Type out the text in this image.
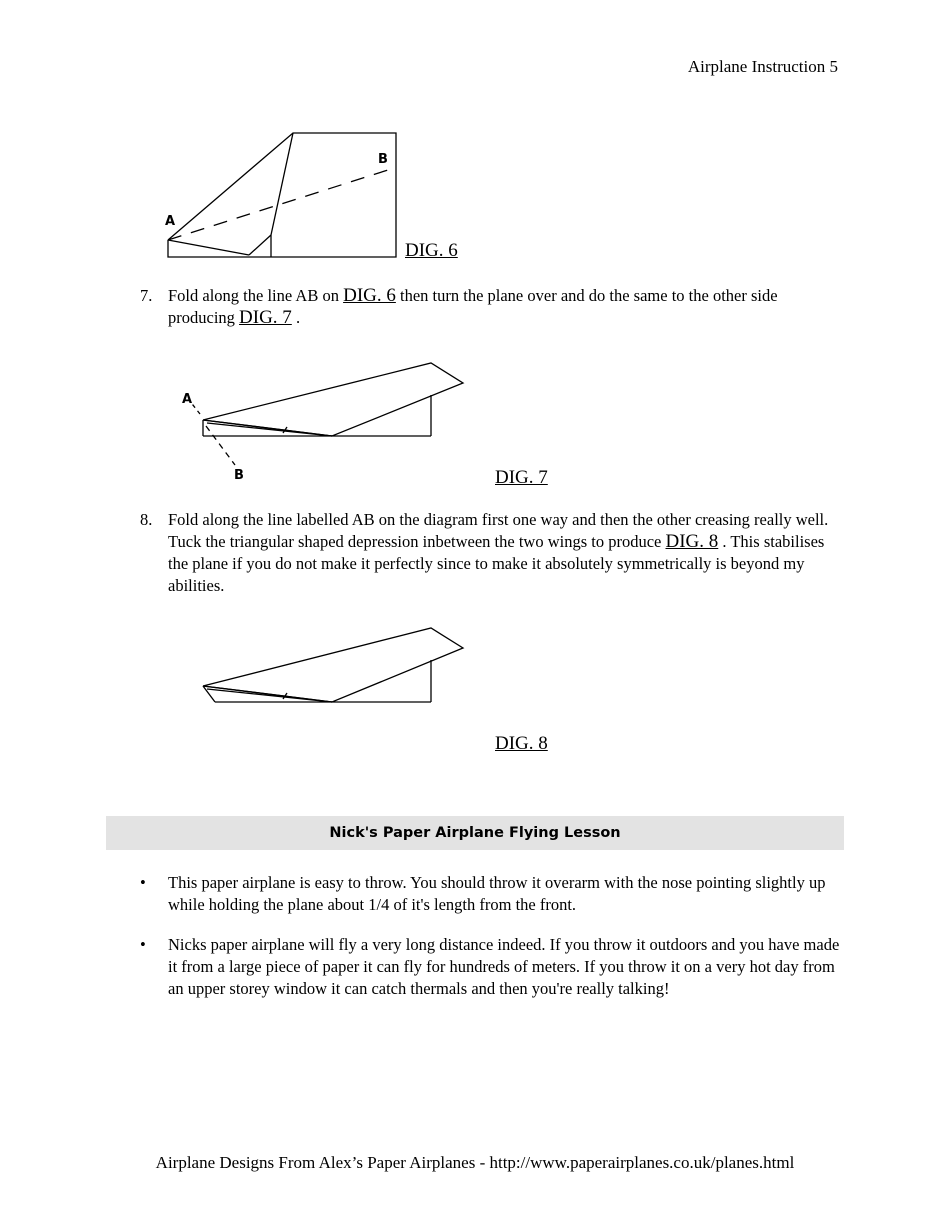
Airplane Instruction 5
A
B
DIG. 6
7. Fold along the line AB on DIG. 6 then turn the plane over and do the same to the other side producing DIG. 7 .
A
B	DIG. 7
8. Fold along the line labelled AB on the diagram first one way and then the other creasing really well. Tuck the triangular shaped depression inbetween the two wings to produce DIG. 8 . This stabilises the plane if you do not make it perfectly since to make it absolutely symmetrically is beyond my abilities.
DIG. 8
Nick's Paper Airplane Flying Lesson
• This paper airplane is easy to throw. You should throw it overarm with the nose pointing slightly up while holding the plane about 1/4 of it's length from the front.
• Nicks paper airplane will fly a very long distance indeed. If you throw it outdoors and you have made it from a large piece of paper it can fly for hundreds of meters. If you throw it on a very hot day from an upper storey window it can catch thermals and then you're really talking!
Airplane Designs From Alex’s Paper Airplanes - http://www.paperairplanes.co.uk/planes.html
